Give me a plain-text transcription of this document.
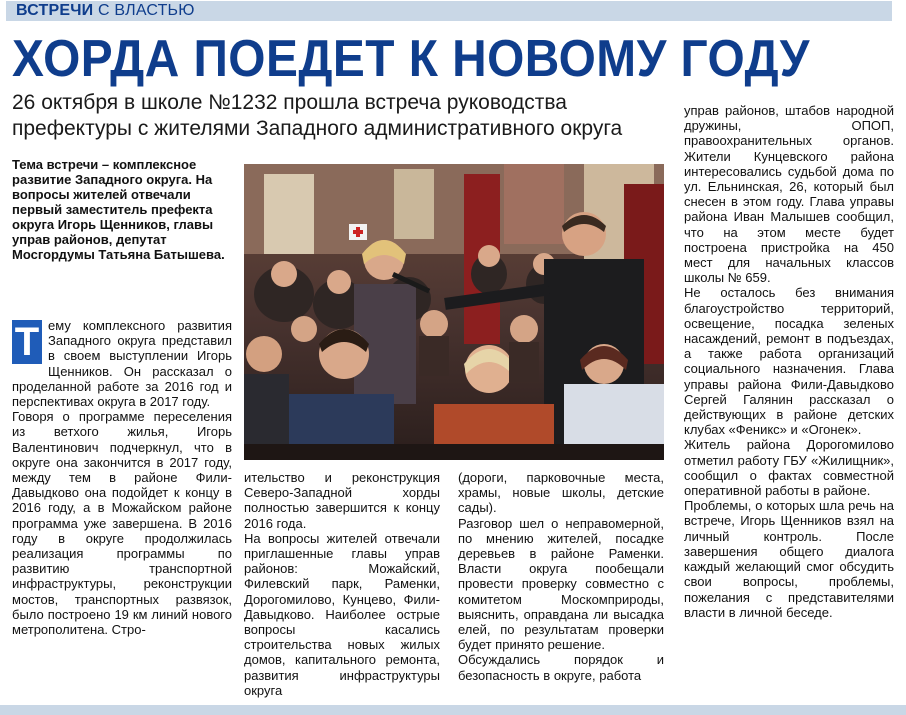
ВСТРЕЧИ С ВЛАСТЬЮ
ХОРДА ПОЕДЕТ К НОВОМУ ГОДУ
26 октября в школе №1232 прошла встреча руководства префектуры с жителями Западного административного округа
Тема встречи – комплексное развитие Западного округа. На вопросы жителей отвечали первый заместитель префекта округа Игорь Щенников, главы управ районов, депутат Мосгордумы Татьяна Батышева.
Т ему комплексного развития Западного округа представил в своем выступлении Игорь Щенников. Он рассказал о проделанной работе за 2016 год и перспективах округа в 2017 году.

Говоря о программе переселения из ветхого жилья, Игорь Валентинович подчеркнул, что в округе она закончится в 2017 году, между тем в районе Фили-Давыдково она подойдет к концу в 2016 году, а в Можайском районе программа уже завершена. В 2016 году в округе продолжилась реализация программы по развитию транспортной инфраструктуры, реконструкции мостов, транспортных развязок, было построено 19 км линий нового метрополитена. Стро-

ительство и реконструкция Северо-Западной хорды полностью завершится к концу 2016 года.

На вопросы жителей отвечали приглашенные главы управ районов: Можайский, Филевский парк, Раменки, Дорогомилово, Кунцево, Фили-Давыдково. Наиболее острые вопросы касались строительства новых жилых домов, капитального ремонта, развития инфраструктуры округа

(дороги, парковочные места, храмы, новые школы, детские сады).

Разговор шел о неправомерной, по мнению жителей, посадке деревьев в районе Раменки. Власти округа пообещали провести проверку совместно с комитетом Москомприроды, выяснить, оправдана ли высадка елей, по результатам проверки будет принято решение.

Обсуждались порядок и безопасность в округе, работа

управ районов, штабов народной дружины, ОПОП, правоохранительных органов. Жители Кунцевского района интересовались судьбой дома по ул. Ельнинская, 26, который был снесен в этом году. Глава управы района Иван Малышев сообщил, что на этом месте будет построена пристройка на 450 мест для начальных классов школы № 659.

Не осталось без внимания благоустройство территорий, освещение, посадка зеленых насаждений, ремонт в подъездах, а также работа организаций социального назначения. Глава управы района Фили-Давыдково Сергей Галянин рассказал о действующих в районе детских клубах «Феникс» и «Огонек».

Житель района Дорогомилово отметил работу ГБУ «Жилищник», сообщил о фактах совместной оперативной работы в районе.

Проблемы, о которых шла речь на встрече, Игорь Щенников взял на личный контроль. После завершения общего диалога каждый желающий смог обсудить свои вопросы, проблемы, пожелания с представителями власти в личной беседе.
